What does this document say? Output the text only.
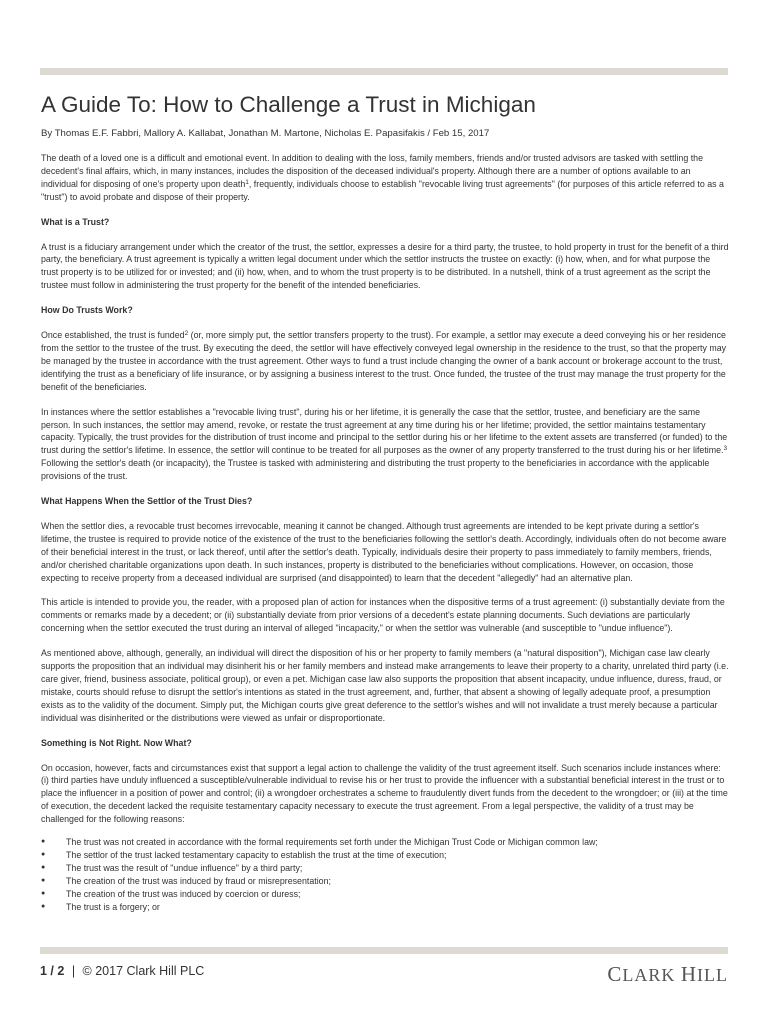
A Guide To: How to Challenge a Trust in Michigan
By Thomas E.F. Fabbri, Mallory A. Kallabat, Jonathan M. Martone, Nicholas E. Papasifakis / Feb 15, 2017

The death of a loved one is a difficult and emotional event. In addition to dealing with the loss, family members, friends and/or trusted advisors are tasked with settling the decedent's final affairs, which, in many instances, includes the disposition of the deceased individual's property. Although there are a number of options available to an individual for disposing of one's property upon death$^1$, frequently, individuals choose to establish "revocable living trust agreements" (for purposes of this article referred to as a "trust") to avoid probate and dispose of their property.

What is a Trust?

A trust is a fiduciary arrangement under which the creator of the trust, the settlor, expresses a desire for a third party, the trustee, to hold property in trust for the benefit of a third party, the beneficiary. A trust agreement is typically a written legal document under which the settlor instructs the trustee on exactly: (i) how, when, and for what purpose the trust property is to be utilized for or invested; and (ii) how, when, and to whom the trust property is to be distributed. In a nutshell, think of a trust agreement as the script the trustee must follow in administering the trust property for the benefit of the intended beneficiaries.

How Do Trusts Work?

Once established, the trust is funded$^2$ (or, more simply put, the settlor transfers property to the trust). For example, a settlor may execute a deed conveying his or her residence from the settlor to the trustee of the trust. By executing the deed, the settlor will have effectively conveyed legal ownership in the residence to the trust, so that the property may be managed by the trustee in accordance with the trust agreement. Other ways to fund a trust include changing the owner of a bank account or brokerage account to the trust, identifying the trust as a beneficiary of life insurance, or by assigning a business interest to the trust. Once funded, the trustee of the trust may manage the trust property for the benefit of the beneficiaries.

In instances where the settlor establishes a "revocable living trust", during his or her lifetime, it is generally the case that the settlor, trustee, and beneficiary are the same person. In such instances, the settlor may amend, revoke, or restate the trust agreement at any time during his or her lifetime; provided, the settlor maintains testamentary capacity. Typically, the trust provides for the distribution of trust income and principal to the settlor during his or her lifetime to the extent assets are transferred (or funded) to the trust during the settlor's lifetime. In essence, the settlor will continue to be treated for all purposes as the owner of any property transferred to the trust during his or her lifetime.$^3$ Following the settlor's death (or incapacity), the Trustee is tasked with administering and distributing the trust property to the beneficiaries in accordance with the applicable provisions of the trust.

What Happens When the Settlor of the Trust Dies?

When the settlor dies, a revocable trust becomes irrevocable, meaning it cannot be changed. Although trust agreements are intended to be kept private during a settlor's lifetime, the trustee is required to provide notice of the existence of the trust to the beneficiaries following the settlor's death. Accordingly, individuals often do not become aware of their beneficial interest in the trust, or lack thereof, until after the settlor's death. Typically, individuals desire their property to pass immediately to family members, friends, and/or cherished charitable organizations upon death. In such instances, property is distributed to the beneficiaries without complications. However, on occasion, those expecting to receive property from a deceased individual are surprised (and disappointed) to learn that the decedent "allegedly" had an alternative plan.

This article is intended to provide you, the reader, with a proposed plan of action for instances when the dispositive terms of a trust agreement: (i) substantially deviate from the comments or remarks made by a decedent; or (ii) substantially deviate from prior versions of a decedent's estate planning documents. Such deviations are particularly concerning when the settlor executed the trust during an interval of alleged "incapacity," or when the settlor was vulnerable (and susceptible to "undue influence").

As mentioned above, although, generally, an individual will direct the disposition of his or her property to family members (a "natural disposition"), Michigan case law clearly supports the proposition that an individual may disinherit his or her family members and instead make arrangements to leave their property to a charity, unrelated third party (i.e. care giver, friend, business associate, political group), or even a pet. Michigan case law also supports the proposition that absent incapacity, undue influence, duress, fraud, or mistake, courts should refuse to disrupt the settlor's intentions as stated in the trust agreement, and, further, that absent a showing of legally adequate proof, a presumption exists as to the validity of the document. Simply put, the Michigan courts give great deference to the settlor's wishes and will not invalidate a trust merely because a particular individual was disinherited or the distributions were viewed as unfair or disproportionate.

Something is Not Right. Now What?

On occasion, however, facts and circumstances exist that support a legal action to challenge the validity of the trust agreement itself. Such scenarios include instances where: (i) third parties have unduly influenced a susceptible/vulnerable individual to revise his or her trust to provide the influencer with a substantial beneficial interest in the trust or to place the influencer in a position of power and control; (ii) a wrongdoer orchestrates a scheme to fraudulently divert funds from the decedent to the wrongdoer; or (iii) at the time of execution, the decedent lacked the requisite testamentary capacity necessary to execute the trust agreement. From a legal perspective, the validity of a trust may be challenged for the following reasons:

● The trust was not created in accordance with the formal requirements set forth under the Michigan Trust Code or Michigan common law;
● The settlor of the trust lacked testamentary capacity to establish the trust at the time of execution;
● The trust was the result of "undue influence" by a third party;
● The creation of the trust was induced by fraud or misrepresentation;
● The creation of the trust was induced by coercion or duress;
● The trust is a forgery; or
1 / 2 | © 2017 Clark Hill PLC	CLARK HILL
